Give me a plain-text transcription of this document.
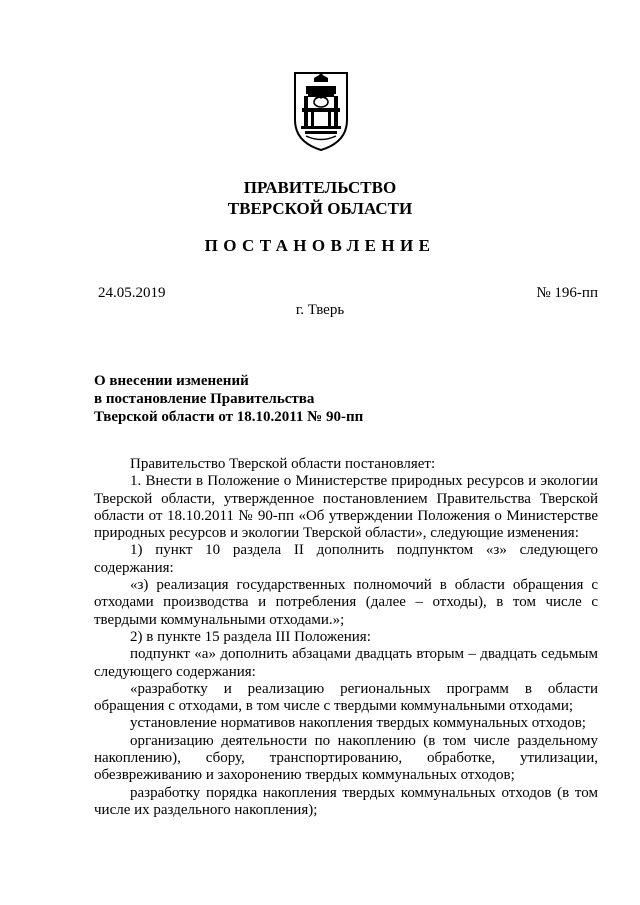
ПРАВИТЕЛЬСТВО
ТВЕРСКОЙ ОБЛАСТИ
ПОСТАНОВЛЕНИЕ
24.05.2019	№ 196-пп
г. Тверь
О внесении изменений
в постановление Правительства
Тверской области от 18.10.2011 № 90-пп

Правительство Тверской области постановляет:

1. Внести в Положение о Министерстве природных ресурсов и экологии Тверской области, утвержденное постановлением Правительства Тверской области от 18.10.2011 № 90-пп «Об утверждении Положения о Министерстве природных ресурсов и экологии Тверской области», следующие изменения:

1) пункт 10 раздела II дополнить подпунктом «з» следующего содержания:

«з) реализация государственных полномочий в области обращения с отходами производства и потребления (далее – отходы), в том числе с твердыми коммунальными отходами.»;

2) в пункте 15 раздела III Положения:

подпункт «а» дополнить абзацами двадцать вторым – двадцать седьмым следующего содержания:

«разработку и реализацию региональных программ в области обращения с отходами, в том числе с твердыми коммунальными отходами;

установление нормативов накопления твердых коммунальных отходов;

организацию деятельности по накоплению (в том числе раздельному накоплению), сбору, транспортированию, обработке, утилизации, обезвреживанию и захоронению твердых коммунальных отходов;

разработку порядка накопления твердых коммунальных отходов (в том числе их раздельного накопления);
